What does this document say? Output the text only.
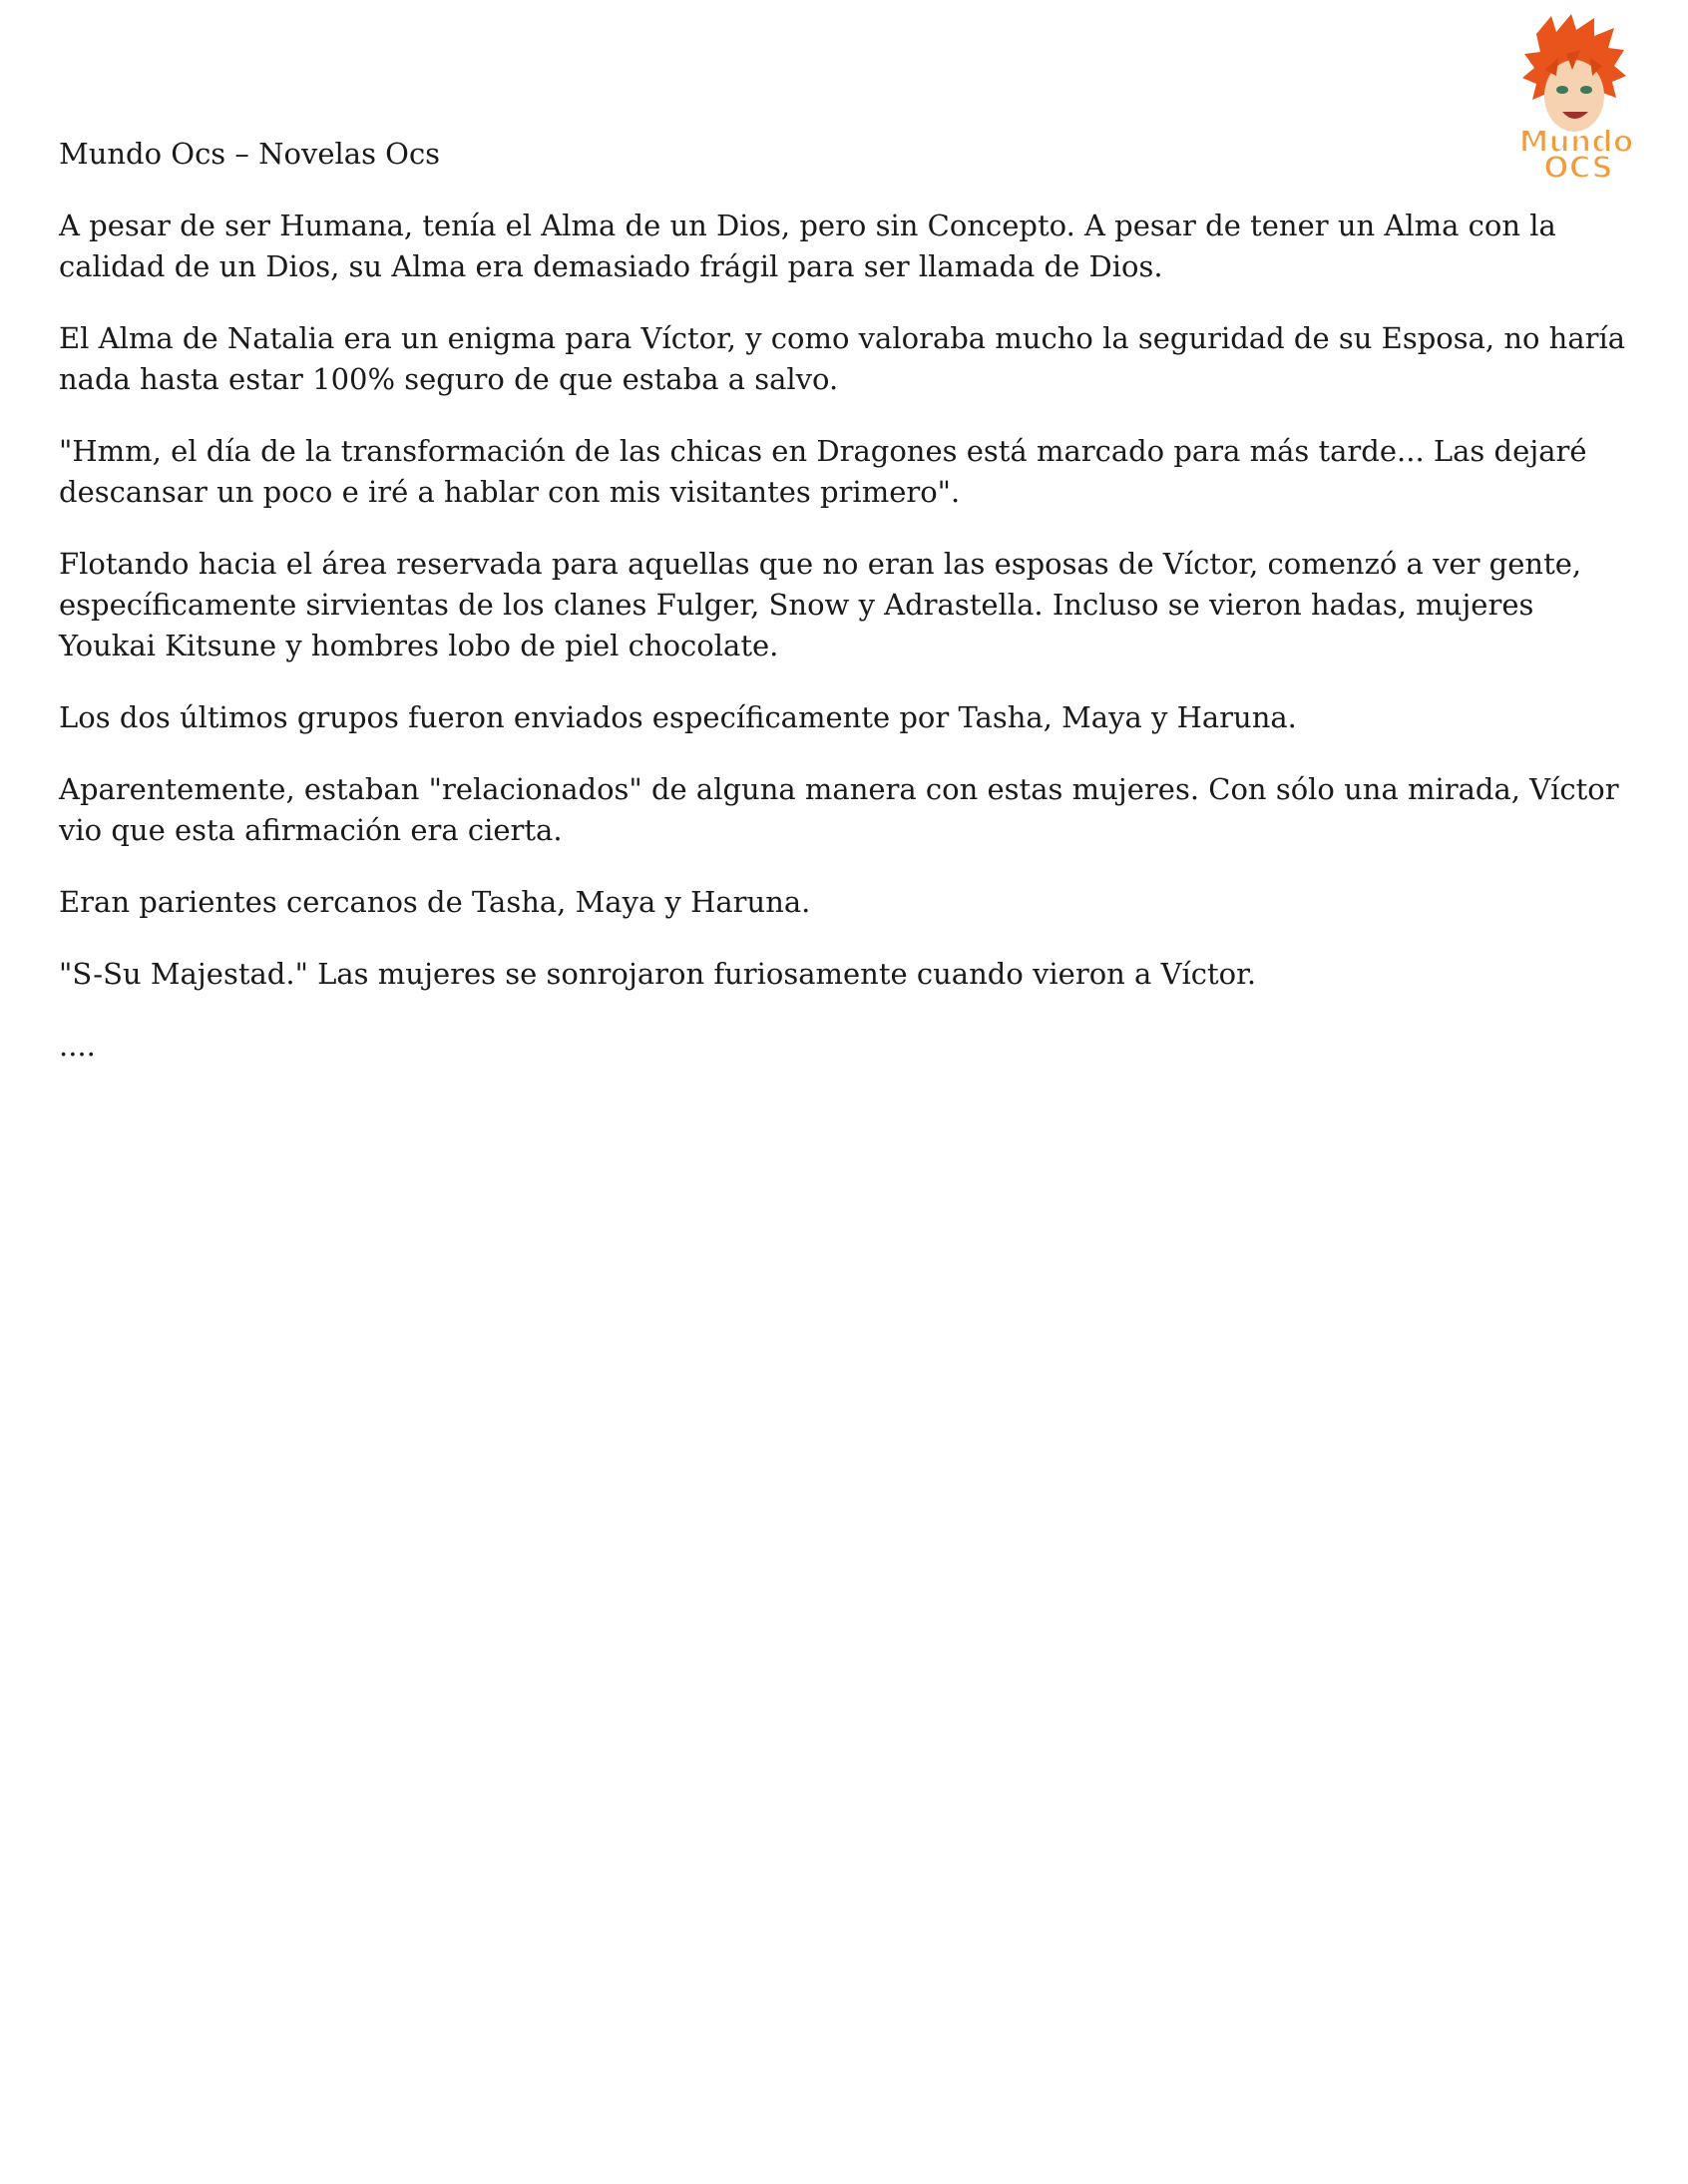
Mundo
OCS

Mundo Ocs – Novelas Ocs

A pesar de ser Humana, tenía el Alma de un Dios, pero sin Concepto. A pesar de tener un Alma con la calidad de un Dios, su Alma era demasiado frágil para ser llamada de Dios.

El Alma de Natalia era un enigma para Víctor, y como valoraba mucho la seguridad de su Esposa, no haría nada hasta estar 100% seguro de que estaba a salvo.

"Hmm, el día de la transformación de las chicas en Dragones está marcado para más tarde... Las dejaré descansar un poco e iré a hablar con mis visitantes primero".

Flotando hacia el área reservada para aquellas que no eran las esposas de Víctor, comenzó a ver gente, específicamente sirvientas de los clanes Fulger, Snow y Adrastella. Incluso se vieron hadas, mujeres Youkai Kitsune y hombres lobo de piel chocolate.

Los dos últimos grupos fueron enviados específicamente por Tasha, Maya y Haruna.

Aparentemente, estaban "relacionados" de alguna manera con estas mujeres. Con sólo una mirada, Víctor vio que esta afirmación era cierta.

Eran parientes cercanos de Tasha, Maya y Haruna.

"S-Su Majestad." Las mujeres se sonrojaron furiosamente cuando vieron a Víctor.

....
